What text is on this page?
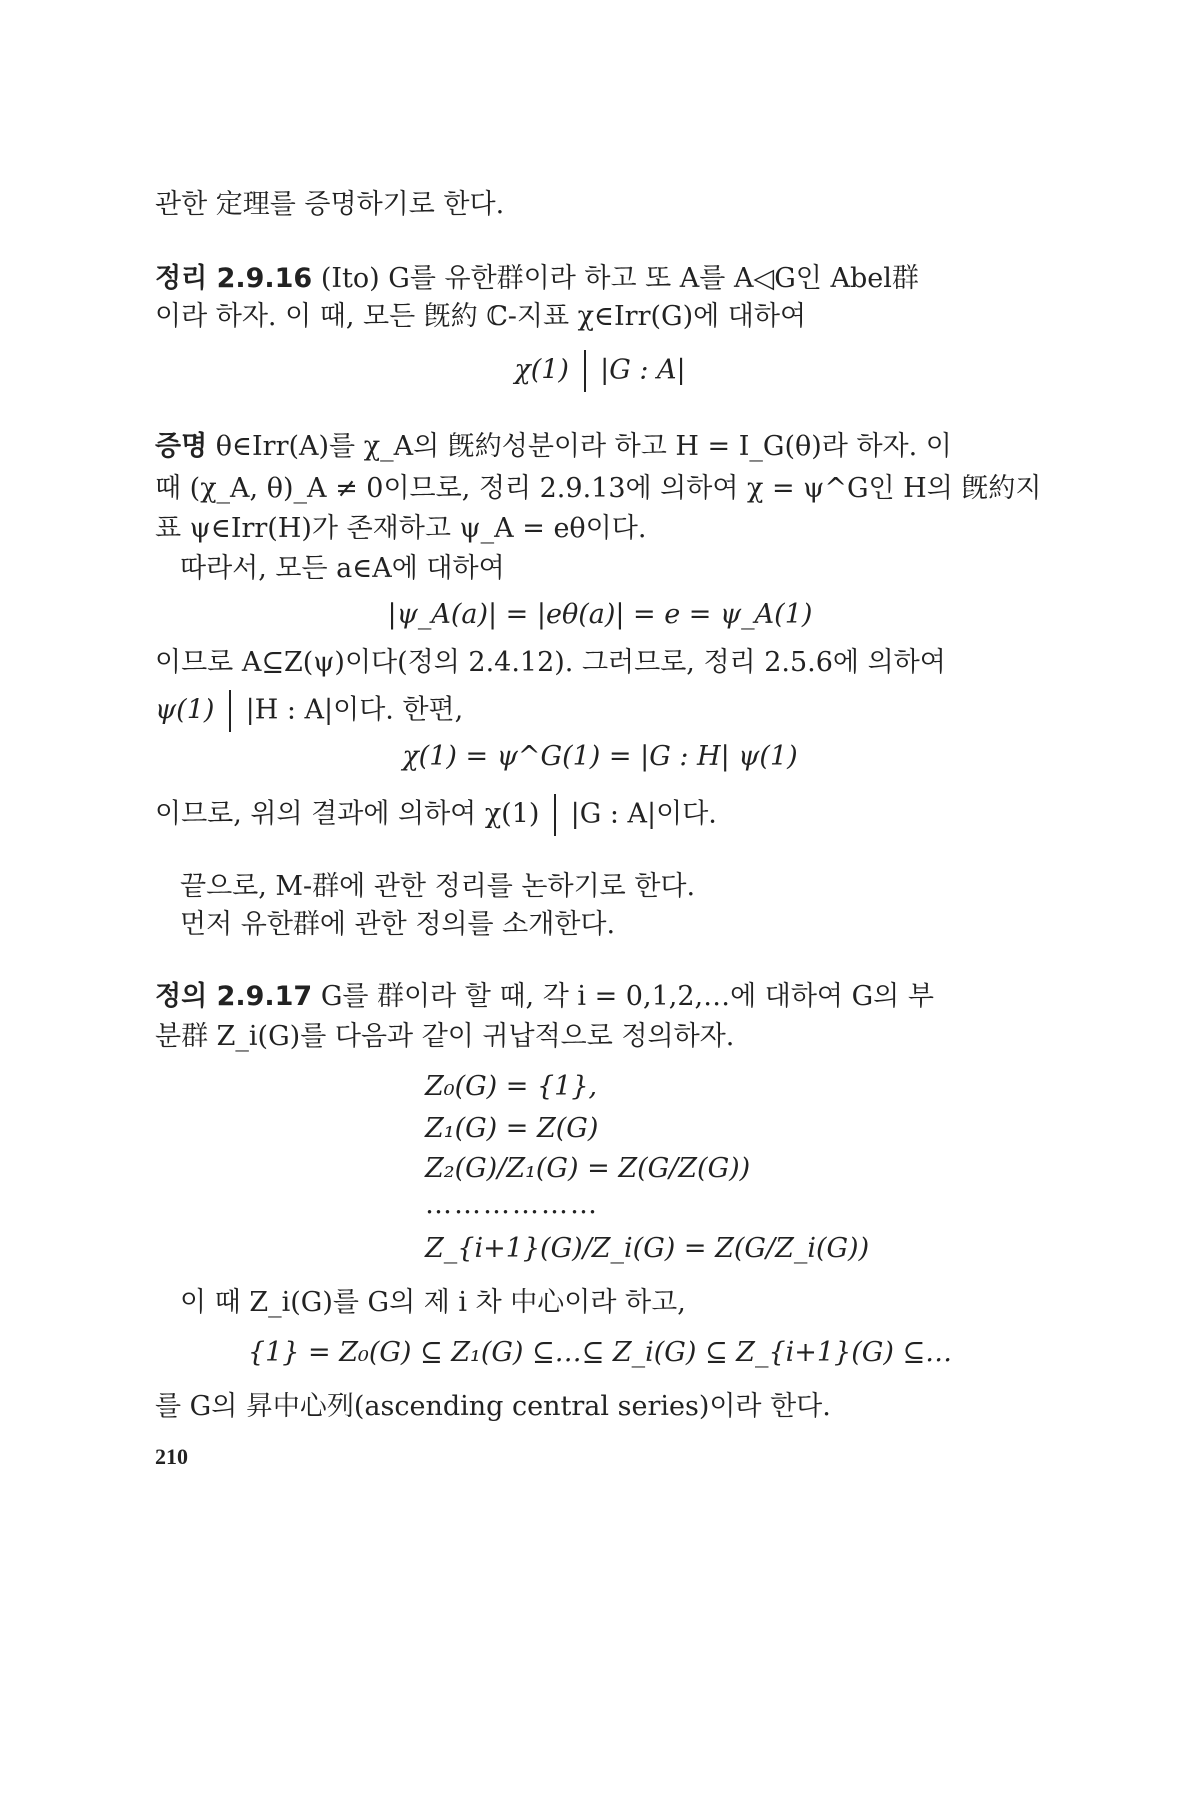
관한 定理를 증명하기로 한다.
정리 2.9.16 (Ito) G를 유한群이라 하고 또 A를 A◁G인 Abel群
이라 하자. 이 때, 모든 旣約 ℂ-지표 χ∈Irr(G)에 대하여
χ(1) |G : A|
증명 θ∈Irr(A)를 χ_A의 旣約성분이라 하고 H = I_G(θ)라 하자. 이
때 (χ_A, θ)_A ≠ 0이므로, 정리 2.9.13에 의하여 χ = ψ^G인 H의 旣約지
표 ψ∈Irr(H)가 존재하고 ψ_A = eθ이다.
따라서, 모든 a∈A에 대하여
|ψ_A(a)| = |eθ(a)| = e = ψ_A(1)
이므로 A⊆Z(ψ)이다(정의 2.4.12). 그러므로, 정리 2.5.6에 의하여
ψ(1) |H : A|이다. 한편,
χ(1) = ψ^G(1) = |G : H| ψ(1)
이므로, 위의 결과에 의하여 χ(1) |G : A|이다.
끝으로, M-群에 관한 정리를 논하기로 한다.
먼저 유한群에 관한 정의를 소개한다.
정의 2.9.17 G를 群이라 할 때, 각 i = 0,1,2,…에 대하여 G의 부
분群 Z_i(G)를 다음과 같이 귀납적으로 정의하자.
Z₀(G) = {1},
Z₁(G) = Z(G)
Z₂(G)/Z₁(G) = Z(G/Z(G))
………………
Z_{i+1}(G)/Z_i(G) = Z(G/Z_i(G))
이 때 Z_i(G)를 G의 제 i 차 中心이라 하고,
{1} = Z₀(G) ⊆ Z₁(G) ⊆…⊆ Z_i(G) ⊆ Z_{i+1}(G) ⊆…
를 G의 昇中心列(ascending central series)이라 한다.
210
